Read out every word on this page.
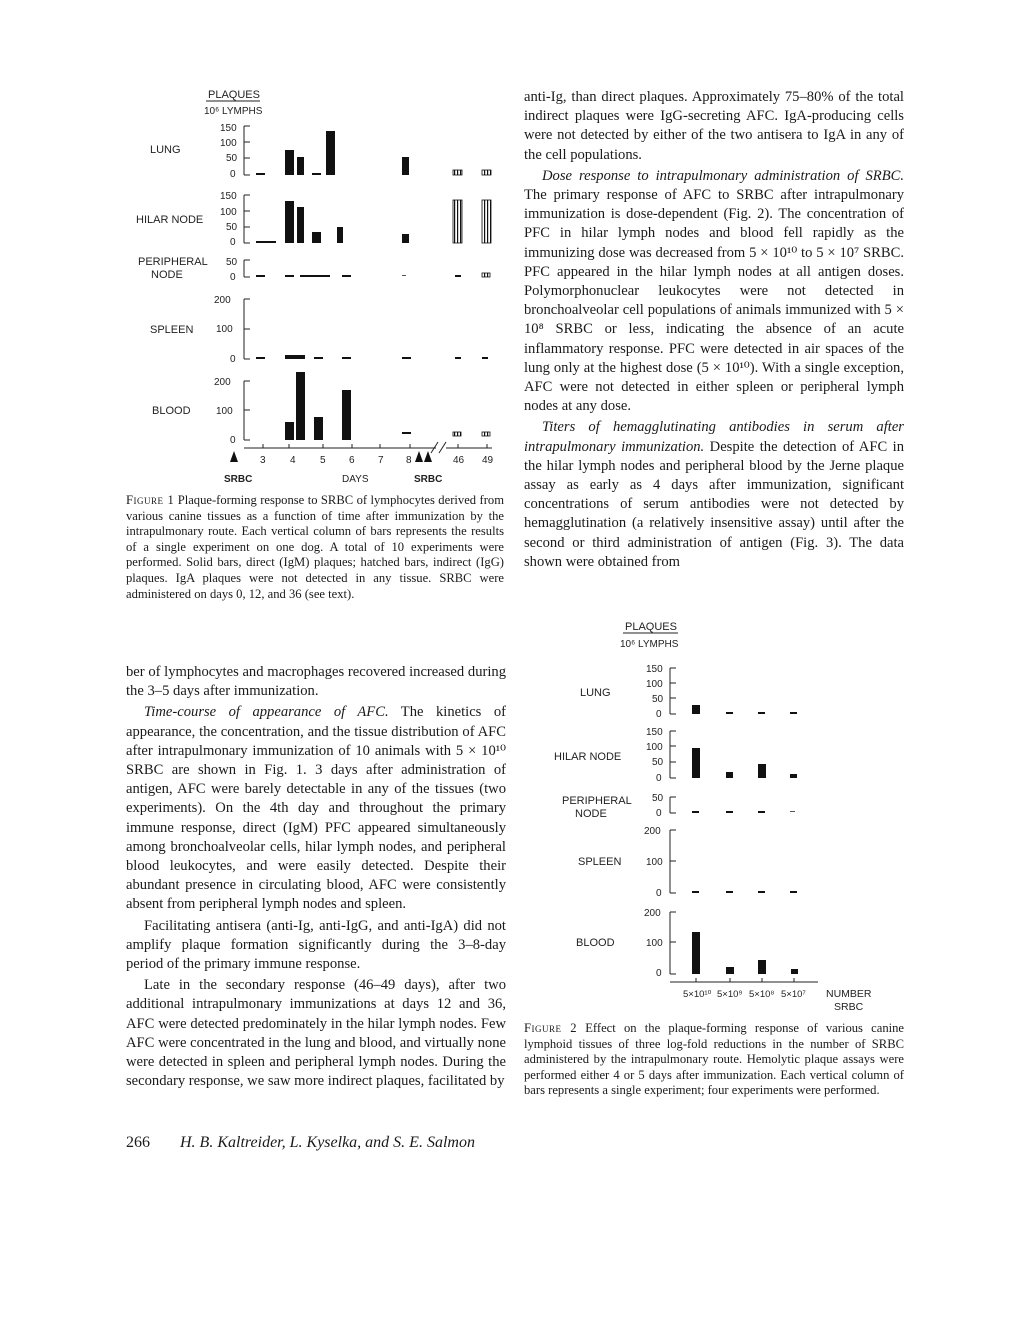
PLAQUES
10⁶ LYMPHS
LUNG
150
100
50
0
HILAR NODE
150
100
50
0
PERIPHERAL
NODE
50
0
SPLEEN
200
100
0
BLOOD
200
100
0
3 4 5 6 7 8	46 49
SRBC	DAYS	SRBC
Figure 1 Plaque-forming response to SRBC of lymphocytes derived from various canine tissues as a function of time after immunization by the intrapulmonary route. Each vertical column of bars represents the results of a single experiment on one dog. A total of 10 experiments were performed. Solid bars, direct (IgM) plaques; hatched bars, indirect (IgG) plaques. IgA plaques were not detected in any tissue. SRBC were administered on days 0, 12, and 36 (see text).

ber of lymphocytes and macrophages recovered increased during the 3–5 days after immunization.

Time-course of appearance of AFC. The kinetics of appearance, the concentration, and the tissue distribution of AFC after intrapulmonary immunization of 10 animals with 5 × 10¹⁰ SRBC are shown in Fig. 1. 3 days after administration of antigen, AFC were barely detectable in any of the tissues (two experiments). On the 4th day and throughout the primary immune response, direct (IgM) PFC appeared simultaneously among bronchoalveolar cells, hilar lymph nodes, and peripheral blood leukocytes, and were easily detected. Despite their abundant presence in circulating blood, AFC were consistently absent from peripheral lymph nodes and spleen.

Facilitating antisera (anti-Ig, anti-IgG, and anti-IgA) did not amplify plaque formation significantly during the 3–8-day period of the primary immune response.

Late in the secondary response (46–49 days), after two additional intrapulmonary immunizations at days 12 and 36, AFC were detected predominately in the hilar lymph nodes. Few AFC were concentrated in the lung and blood, and virtually none were detected in spleen and peripheral lymph nodes. During the secondary response, we saw more indirect plaques, facilitated by

anti-Ig, than direct plaques. Approximately 75–80% of the total indirect plaques were IgG-secreting AFC. IgA-producing cells were not detected by either of the two antisera to IgA in any of the cell populations.

Dose response to intrapulmonary administration of SRBC. The primary response of AFC to SRBC after intrapulmonary immunization is dose-dependent (Fig. 2). The concentration of PFC in hilar lymph nodes and blood fell rapidly as the immunizing dose was decreased from 5 × 10¹⁰ to 5 × 10⁷ SRBC. PFC appeared in the hilar lymph nodes at all antigen doses. Polymorphonuclear leukocytes were not detected in bronchoalveolar cell populations of animals immunized with 5 × 10⁸ SRBC or less, indicating the absence of an acute inflammatory response. PFC were detected in air spaces of the lung only at the highest dose (5 × 10¹⁰). With a single exception, AFC were not detected in either spleen or peripheral lymph nodes at any dose.

Titers of hemagglutinating antibodies in serum after intrapulmonary immunization. Despite the detection of AFC in the hilar lymph nodes and peripheral blood by the Jerne plaque assay as early as 4 days after immunization, significant concentrations of serum antibodies were not detected by hemagglutination (a relatively insensitive assay) until after the second or third administration of antigen (Fig. 3). The data shown were obtained from

PLAQUES
10⁶ LYMPHS
LUNG
150
100
50
0
HILAR NODE
150
100
50
0
PERIPHERAL
NODE
50
0
SPLEEN
200
100
0
BLOOD
200
100
0
5×10¹⁰ 5×10⁹ 5×10⁸ 5×10⁷ NUMBER
SRBC
Figure 2 Effect on the plaque-forming response of various canine lymphoid tissues of three log-fold reductions in the number of SRBC administered by the intrapulmonary route. Hemolytic plaque assays were performed either 4 or 5 days after immunization. Each vertical column of bars represents a single experiment; four experiments were performed.
266 H. B. Kaltreider, L. Kyselka, and S. E. Salmon
